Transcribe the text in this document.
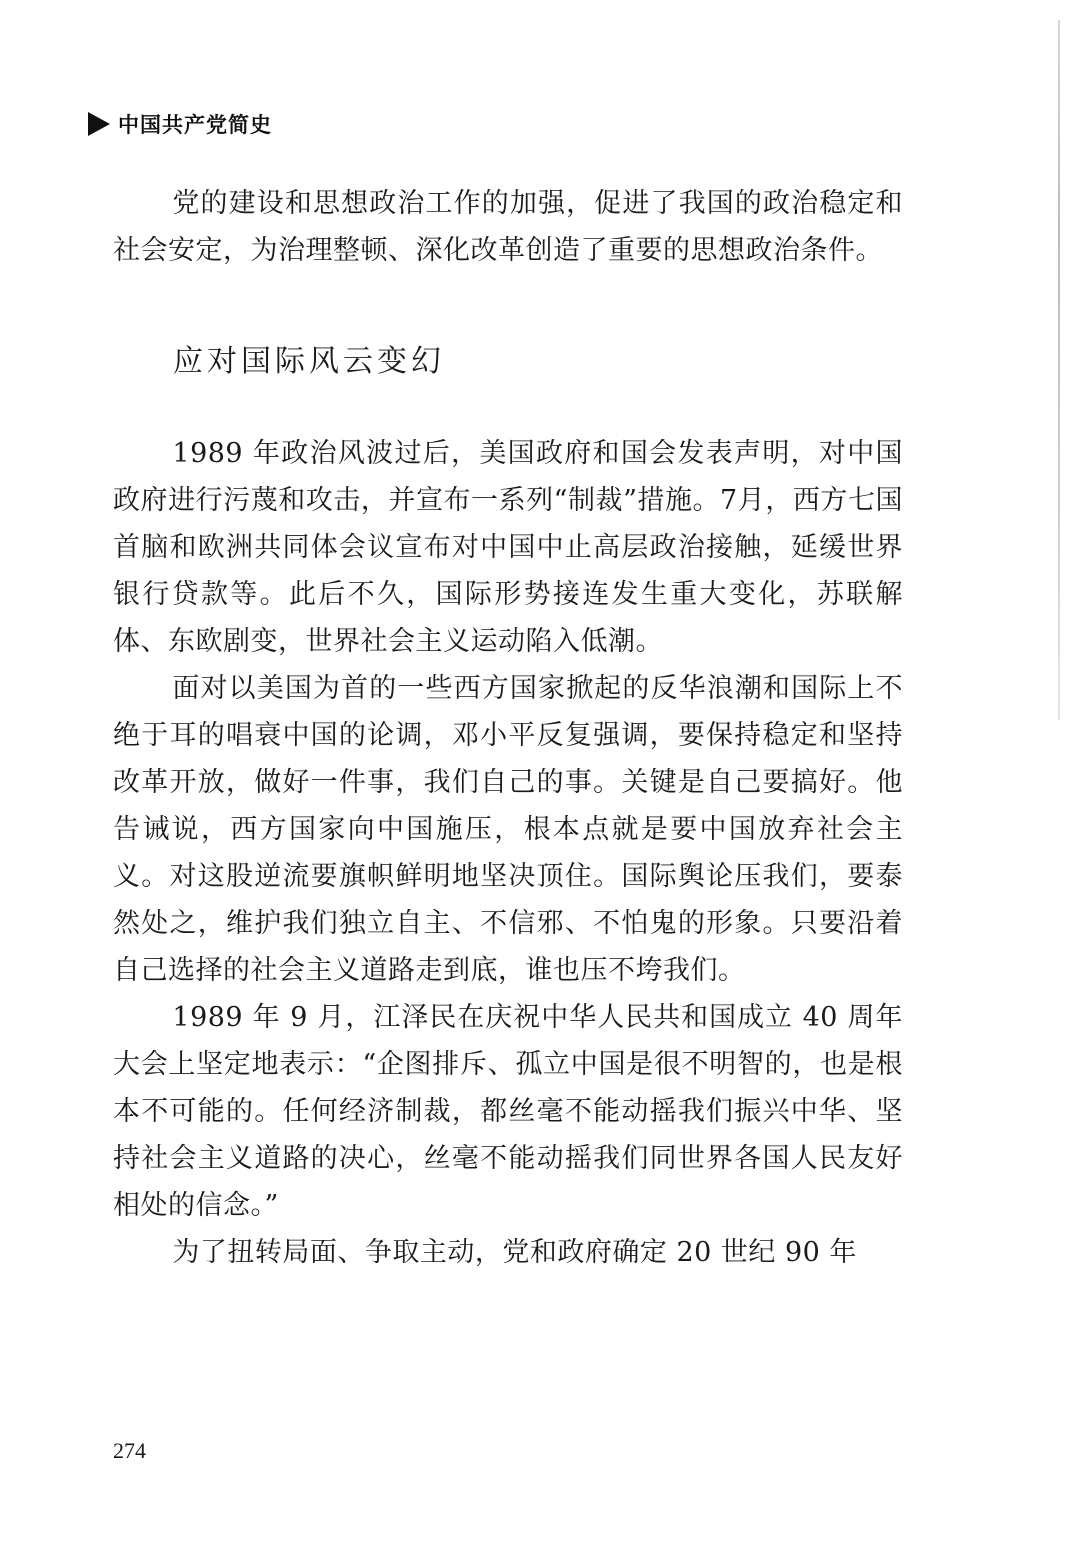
中国共产党简史

党的建设和思想政治工作的加强，促进了我国的政治稳定和社会安定，为治理整顿、深化改革创造了重要的思想政治条件。

应对国际风云变幻

1989 年政治风波过后，美国政府和国会发表声明，对中国政府进行污蔑和攻击，并宣布一系列“制裁”措施。7月，西方七国首脑和欧洲共同体会议宣布对中国中止高层政治接触，延缓世界银行贷款等。此后不久，国际形势接连发生重大变化，苏联解体、东欧剧变，世界社会主义运动陷入低潮。

面对以美国为首的一些西方国家掀起的反华浪潮和国际上不绝于耳的唱衰中国的论调，邓小平反复强调，要保持稳定和坚持改革开放，做好一件事，我们自己的事。关键是自己要搞好。他告诫说，西方国家向中国施压，根本点就是要中国放弃社会主义。对这股逆流要旗帜鲜明地坚决顶住。国际舆论压我们，要泰然处之，维护我们独立自主、不信邪、不怕鬼的形象。只要沿着自己选择的社会主义道路走到底，谁也压不垮我们。

1989 年 9 月，江泽民在庆祝中华人民共和国成立 40 周年大会上坚定地表示：“企图排斥、孤立中国是很不明智的，也是根本不可能的。任何经济制裁，都丝毫不能动摇我们振兴中华、坚持社会主义道路的决心，丝毫不能动摇我们同世界各国人民友好相处的信念。”

为了扭转局面、争取主动，党和政府确定 20 世纪 90 年

274
